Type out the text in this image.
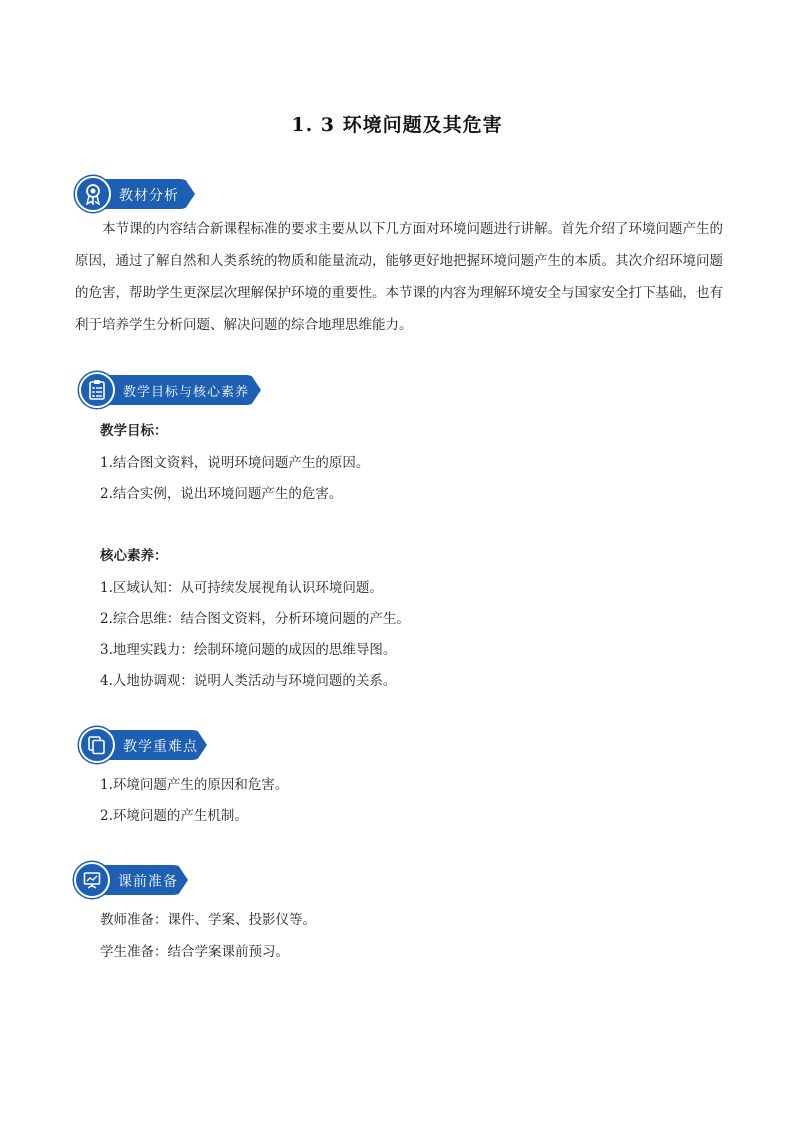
1. 3 环境问题及其危害
教材分析
本节课的内容结合新课程标准的要求主要从以下几方面对环境问题进行讲解。首先介绍了环境问题产生的原因，通过了解自然和人类系统的物质和能量流动，能够更好地把握环境问题产生的本质。其次介绍环境问题的危害，帮助学生更深层次理解保护环境的重要性。本节课的内容为理解环境安全与国家安全打下基础，也有利于培养学生分析问题、解决问题的综合地理思维能力。
教学目标与核心素养
教学目标：
1.结合图文资料，说明环境问题产生的原因。
2.结合实例，说出环境问题产生的危害。
核心素养：
1.区域认知：从可持续发展视角认识环境问题。
2.综合思维：结合图文资料，分析环境问题的产生。
3.地理实践力：绘制环境问题的成因的思维导图。
4.人地协调观：说明人类活动与环境问题的关系。
教学重难点
1.环境问题产生的原因和危害。
2.环境问题的产生机制。
课前准备
教师准备：课件、学案、投影仪等。
学生准备：结合学案课前预习。
